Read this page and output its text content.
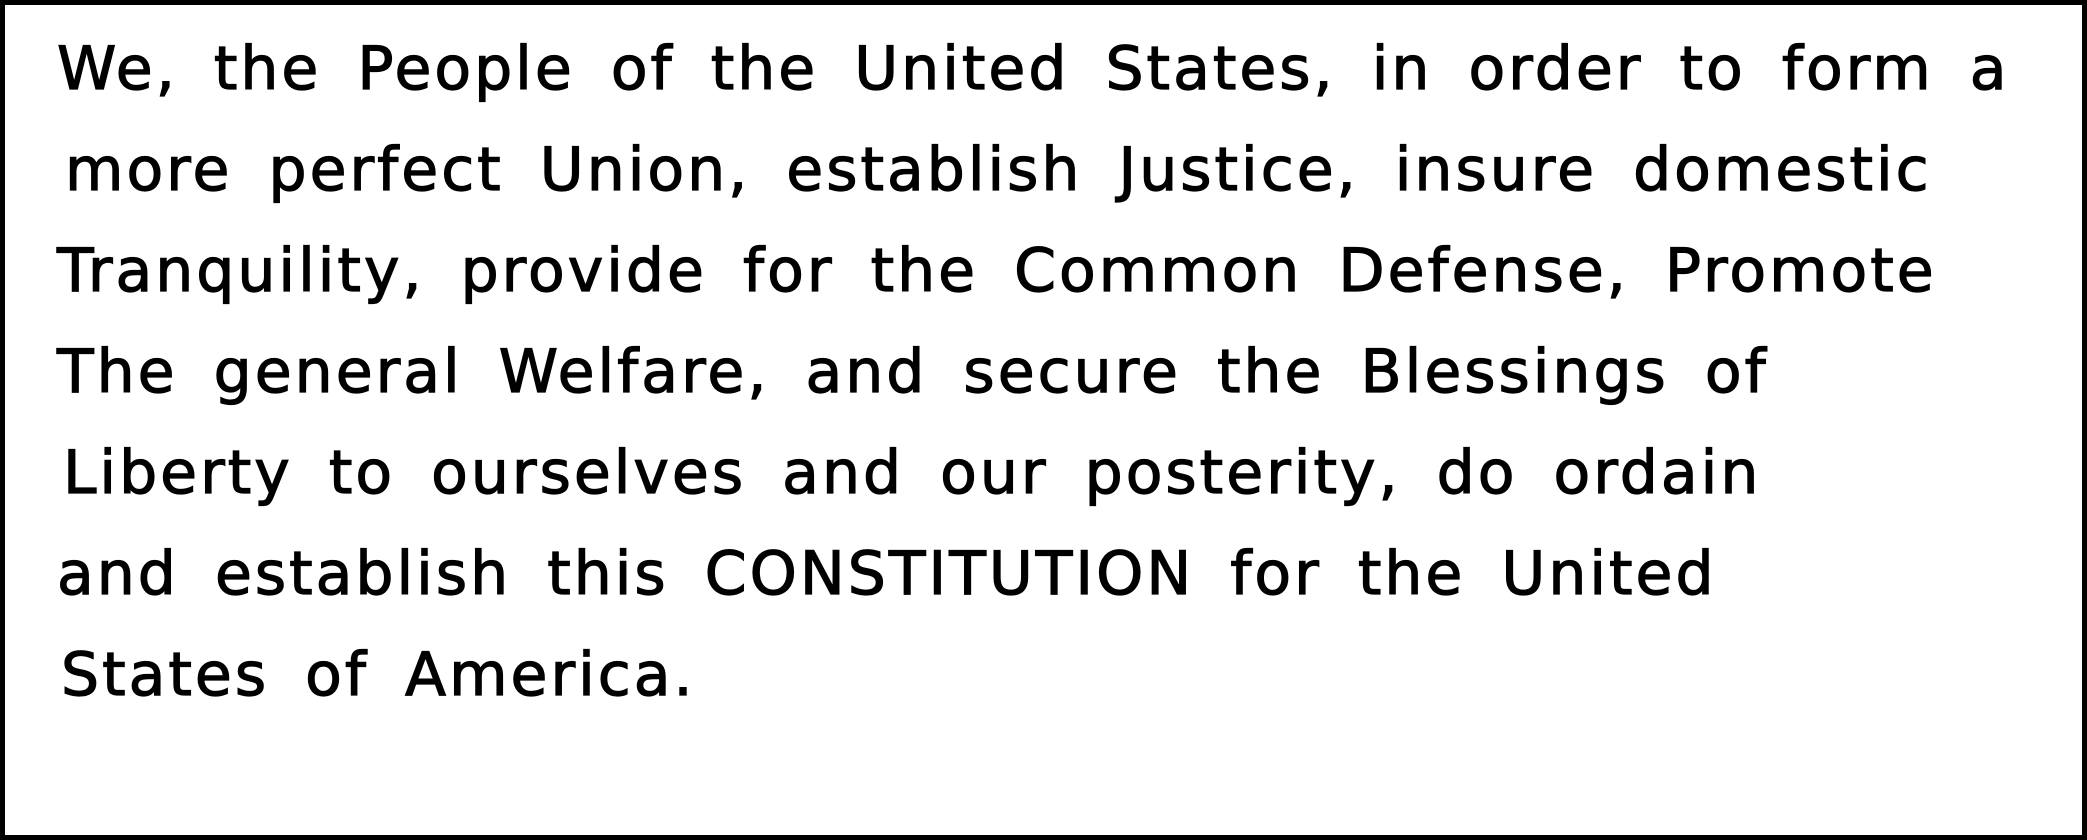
We, the People of the United States, in order to form a
more perfect Union, establish Justice, insure domestic
Tranquility, provide for the Common Defense, Promote
The general Welfare, and secure the Blessings of
Liberty to ourselves and our posterity, do ordain
and establish this CONSTITUTION for the United
States of America.
